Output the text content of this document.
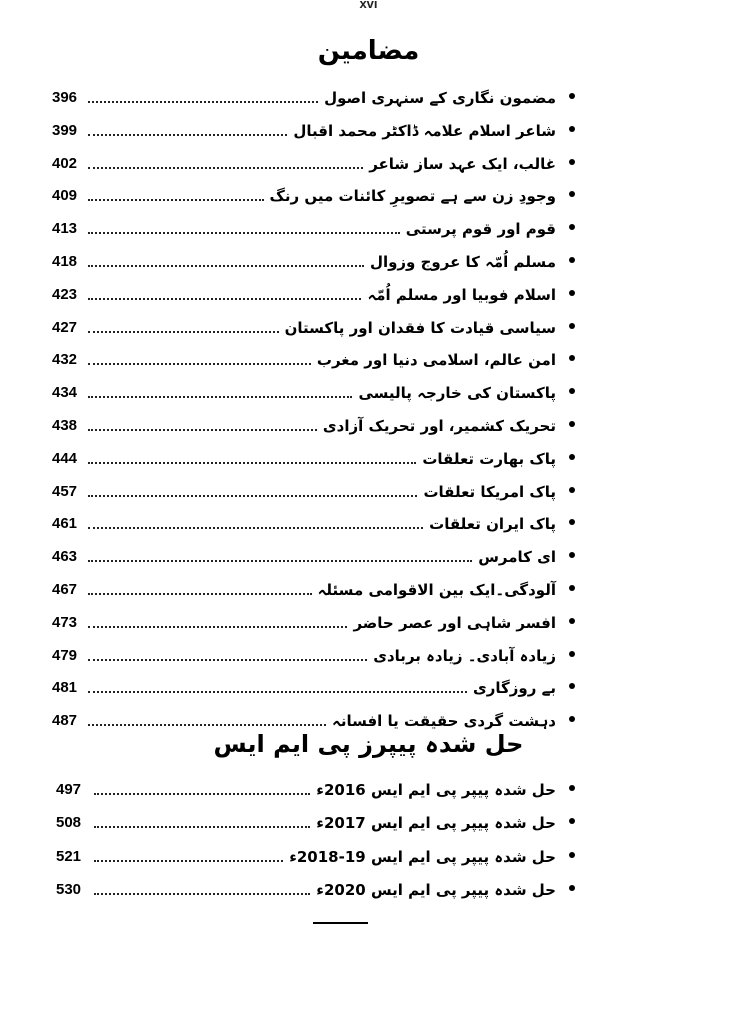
xvi
مضامین
مضمون نگاری کے سنہری اصول
396
شاعر اسلام علامہ ڈاکٹر محمد اقبال
399
غالب، ایک عہد ساز شاعر
402
وجودِ زن سے ہے تصویرِ کائنات میں رنگ
409
قوم اور قوم پرستی
413
مسلم اُمّہ کا عروج وزوال
418
اسلام فوبیا اور مسلم اُمّہ
423
سیاسی قیادت کا فقدان اور پاکستان
427
امن عالم، اسلامی دنیا اور مغرب
432
پاکستان کی خارجہ پالیسی
434
تحریک کشمیر، اور تحریک آزادی
438
پاک بھارت تعلقات
444
پاک امریکا تعلقات
457
پاک ایران تعلقات
461
ای کامرس
463
آلودگی۔ایک بین الاقوامی مسئلہ
467
افسر شاہی اور عصر حاضر
473
زیادہ آبادی۔ زیادہ بربادی
479
بے روزگاری
481
دہشت گردی حقیقت یا افسانہ
487
حل شدہ پیپرز پی ایم ایس
حل شدہ پیپر پی ایم ایس 2016ء
497
حل شدہ پیپر پی ایم ایس 2017ء
508
حل شدہ پیپر پی ایم ایس 19-2018ء
521
حل شدہ پیپر پی ایم ایس 2020ء
530
